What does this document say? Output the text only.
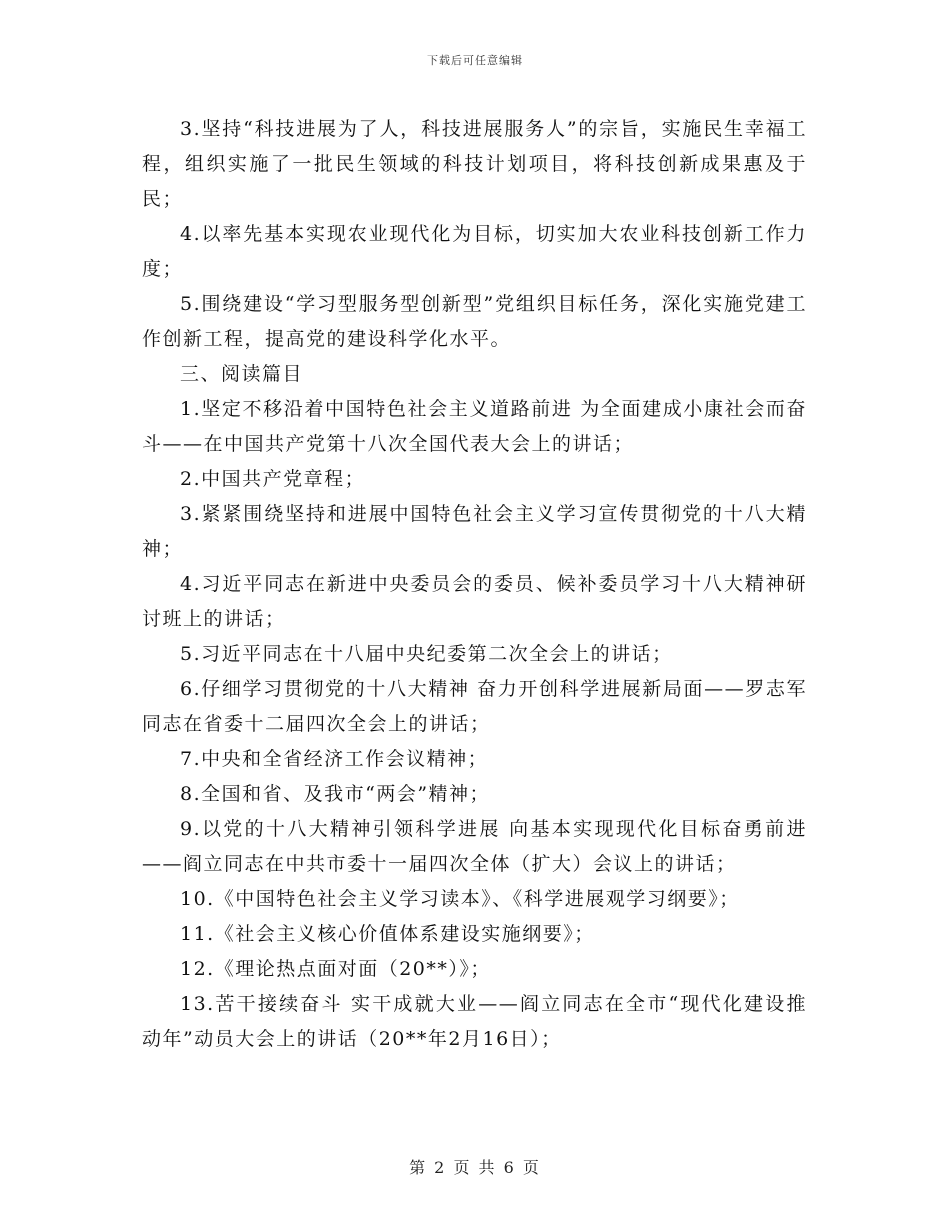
下载后可任意编辑

3.坚持“科技进展为了人，科技进展服务人”的宗旨，实施民生幸福工程，组织实施了一批民生领域的科技计划项目，将科技创新成果惠及于民；

4.以率先基本实现农业现代化为目标，切实加大农业科技创新工作力度；

5.围绕建设“学习型服务型创新型”党组织目标任务，深化实施党建工作创新工程，提高党的建设科学化水平。

三、阅读篇目

1.坚定不移沿着中国特色社会主义道路前进 为全面建成小康社会而奋斗——在中国共产党第十八次全国代表大会上的讲话；

2.中国共产党章程；

3.紧紧围绕坚持和进展中国特色社会主义学习宣传贯彻党的十八大精神；

4.习近平同志在新进中央委员会的委员、候补委员学习十八大精神研讨班上的讲话；

5.习近平同志在十八届中央纪委第二次全会上的讲话；

6.仔细学习贯彻党的十八大精神 奋力开创科学进展新局面——罗志军同志在省委十二届四次全会上的讲话；

7.中央和全省经济工作会议精神；

8.全国和省、及我市“两会”精神；

9.以党的十八大精神引领科学进展 向基本实现现代化目标奋勇前进——阎立同志在中共市委十一届四次全体（扩大）会议上的讲话；

10.《中国特色社会主义学习读本》、《科学进展观学习纲要》；

11.《社会主义核心价值体系建设实施纲要》；

12.《理论热点面对面（20**）》；

13.苦干接续奋斗 实干成就大业——阎立同志在全市“现代化建设推动年”动员大会上的讲话（20**年2月16日）；

第 2 页 共 6 页
